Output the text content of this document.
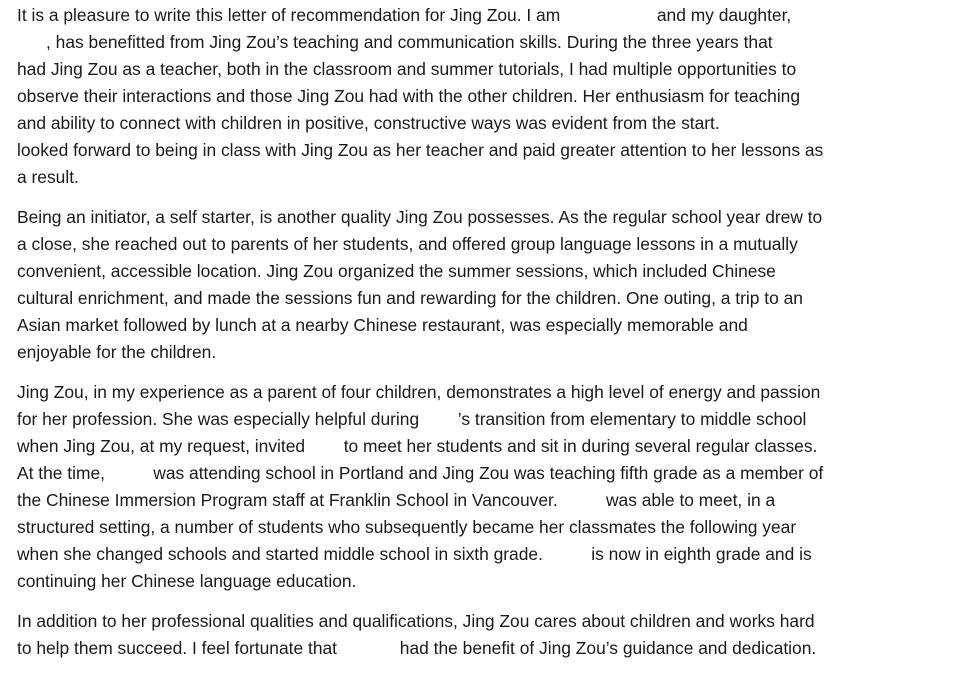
It is a pleasure to write this letter of recommendation for Jing Zou. I am                    and my daughter,
, has benefitted from Jing Zou’s teaching and communication skills. During the three years that
had Jing Zou as a teacher, both in the classroom and summer tutorials, I had multiple opportunities to
observe their interactions and those Jing Zou had with the other children. Her enthusiasm for teaching
and ability to connect with children in positive, constructive ways was evident from the start.
looked forward to being in class with Jing Zou as her teacher and paid greater attention to her lessons as
a result.
Being an initiator, a self starter, is another quality Jing Zou possesses. As the regular school year drew to
a close, she reached out to parents of her students, and offered group language lessons in a mutually
convenient, accessible location. Jing Zou organized the summer sessions, which included Chinese
cultural enrichment, and made the sessions fun and rewarding for the children. One outing, a trip to an
Asian market followed by lunch at a nearby Chinese restaurant, was especially memorable and
enjoyable for the children.
Jing Zou, in my experience as a parent of four children, demonstrates a high level of energy and passion
for her profession. She was especially helpful during        ’s transition from elementary to middle school
when Jing Zou, at my request, invited        to meet her students and sit in during several regular classes.
At the time,          was attending school in Portland and Jing Zou was teaching fifth grade as a member of
the Chinese Immersion Program staff at Franklin School in Vancouver.          was able to meet, in a
structured setting, a number of students who subsequently became her classmates the following year
when she changed schools and started middle school in sixth grade.          is now in eighth grade and is
continuing her Chinese language education.
In addition to her professional qualities and qualifications, Jing Zou cares about children and works hard
to help them succeed. I feel fortunate that             had the benefit of Jing Zou’s guidance and dedication.
